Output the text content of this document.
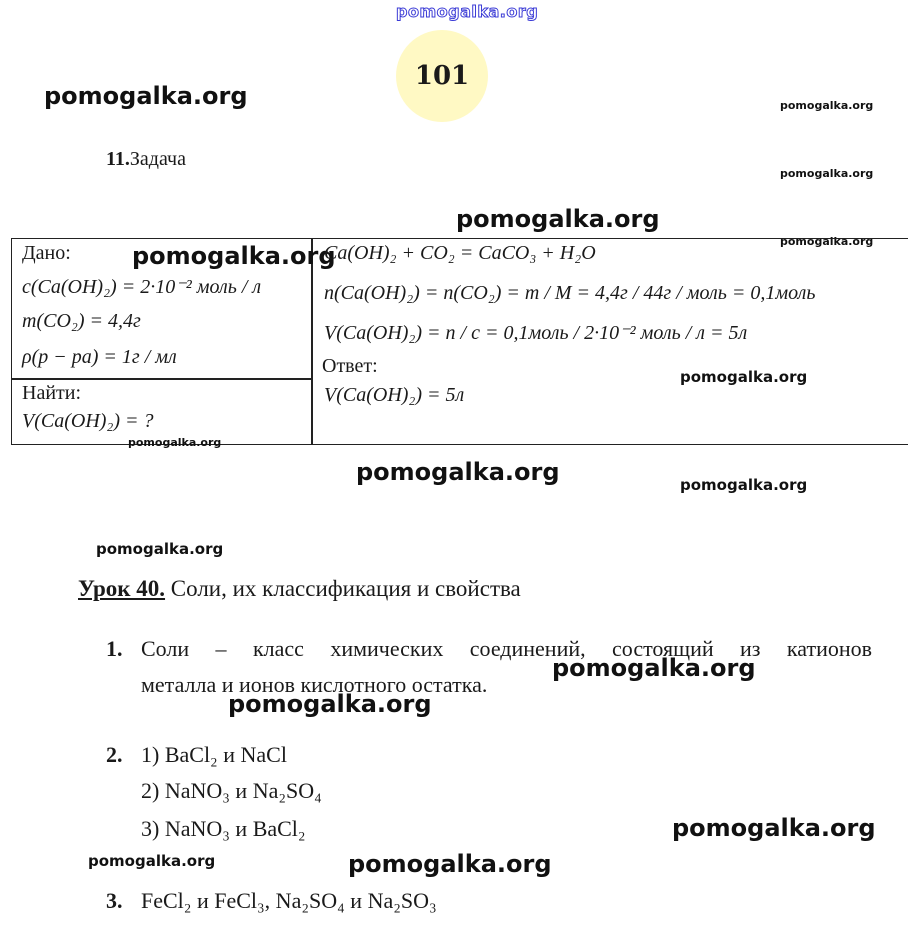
pomogalka.org
101
pomogalka.org	pomogalka.org
pomogalka.org
pomogalka.org
pomogalka.org
11.Задача
Дано:
c(Ca(OH)₂) = 2·10⁻² моль / л
m(CO₂) = 4,4г
ρ(p − pa) = 1г / мл
pomogalka.org
Найти:
V(Ca(OH)₂) = ?
pomogalka.org
Ca(OH)₂ + CO₂ = CaCO₃ + H₂O
n(Ca(OH)₂) = n(CO₂) = m / M = 4,4г / 44г / моль = 0,1моль
V(Ca(OH)₂) = n / c = 0,1моль / 2·10⁻² моль / л = 5л
Ответ:
V(Ca(OH)₂) = 5л
pomogalka.org
pomogalka.org	pomogalka.org
pomogalka.org
Урок 40. Соли, их классификация и свойства
1. Соли – класс химических соединений, состоящий из катионов
металла и ионов кислотного остатка.
pomogalka.org
pomogalka.org
2. 1) BaCl₂ и NaCl
2) NaNO₃ и Na₂SO₄
3) NaNO₃ и BaCl₂	pomogalka.org
pomogalka.org	pomogalka.org
3. FeCl₂ и FeCl₃, Na₂SO₄ и Na₂SO₃
